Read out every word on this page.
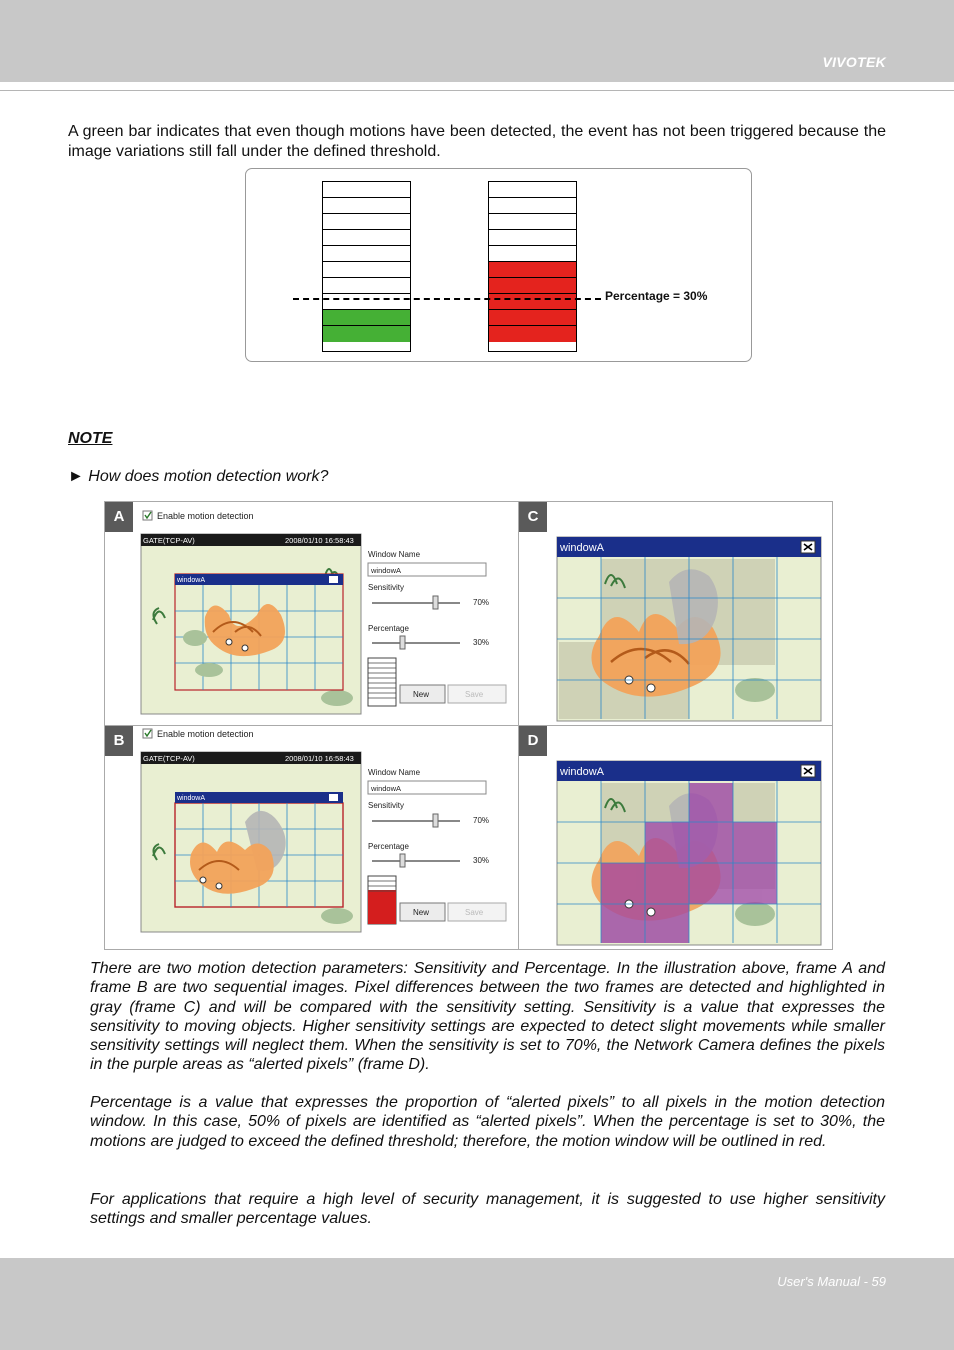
VIVOTEK

A green bar indicates that even though motions have been detected, the event has not been triggered because the image variations still fall under the defined threshold.

Percentage = 30%
NOTE
► How does motion detection work?
A	Enable motion detection
GATE(TCP-AV)	2008/01/10 16:58:43
windowA
Window Name
windowA
Sensitivity
70%
Percentage
30%
New	Save
C
windowA
B	Enable motion detection
GATE(TCP-AV)	2008/01/10 16:58:43
windowA
Window Name
windowA
Sensitivity
70%
Percentage
30%
New	Save
D
windowA

There are two motion detection parameters: Sensitivity and Percentage. In the illustration above, frame A and frame B are two sequential images. Pixel differences between the two frames are detected and highlighted in gray (frame C) and will be compared with the sensitivity setting. Sensitivity is a value that expresses the sensitivity to moving objects. Higher sensitivity settings are expected to detect slight movements while smaller sensitivity settings will neglect them. When the sensitivity is set to 70%, the Network Camera defines the pixels in the purple areas as “alerted pixels” (frame D).

Percentage is a value that expresses the proportion of “alerted pixels” to all pixels in the motion detection window. In this case, 50% of pixels are identified as “alerted pixels”. When the percentage is set to 30%, the motions are judged to exceed the defined threshold; therefore, the motion window will be outlined in red.

For applications that require a high level of security management, it is suggested to use higher sensitivity settings and smaller percentage values.

User's Manual - 59
